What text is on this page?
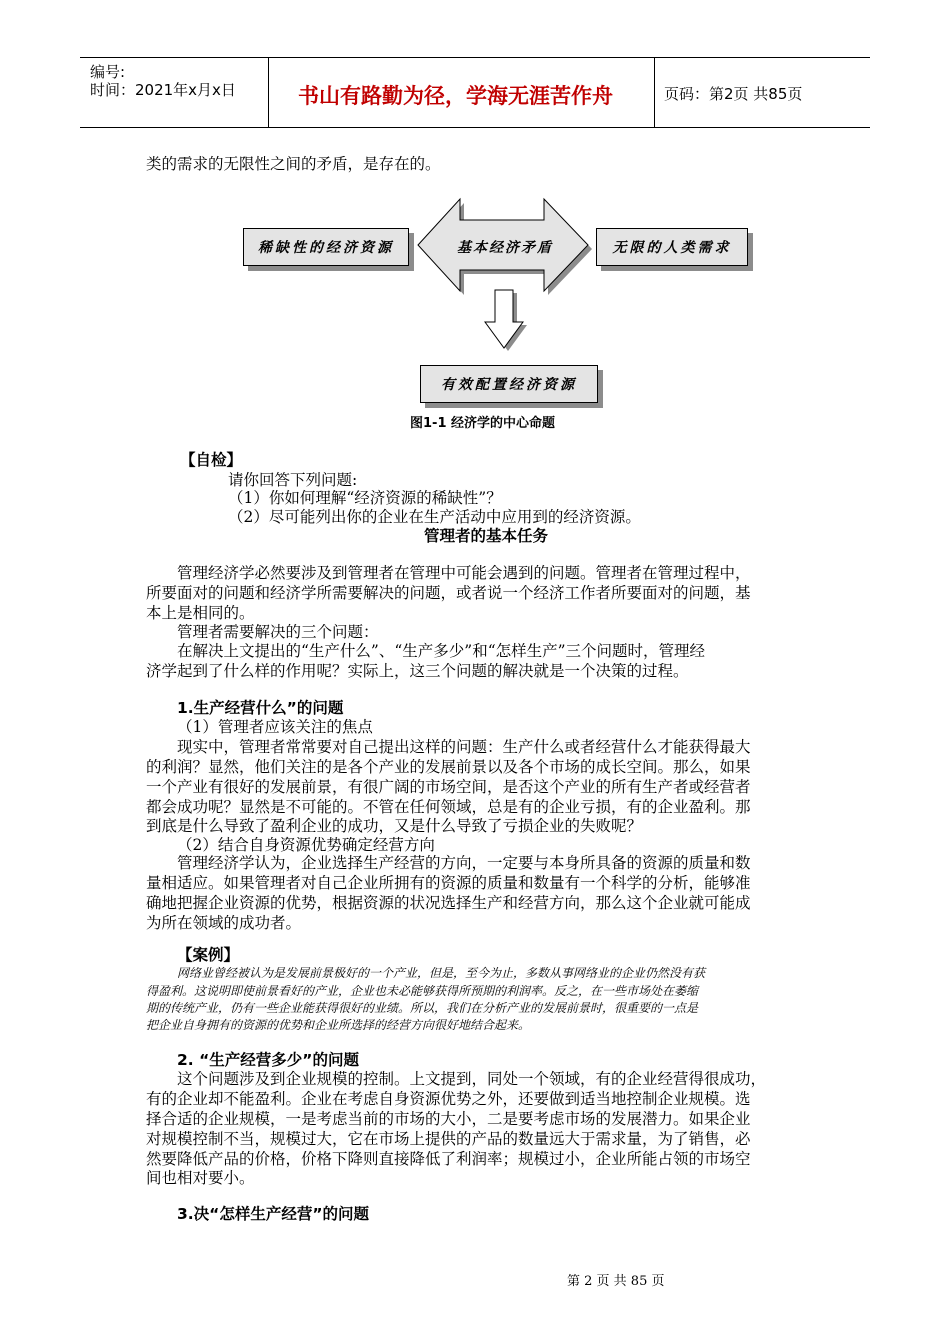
编号:
时间：2021年x月x日	书山有路勤为径，学海无涯苦作舟	页码：第2页 共85页
类的需求的无限性之间的矛盾，是存在的。
稀缺性的经济资源	无限的人类需求
有效配置经济资源
基本经济矛盾
图1-1 经济学的中心命题
【自检】
请你回答下列问题:
（1）你如何理解“经济资源的稀缺性”？
（2）尽可能列出你的企业在生产活动中应用到的经济资源。
管理者的基本任务
管理经济学必然要涉及到管理者在管理中可能会遇到的问题。管理者在管理过程中，
所要面对的问题和经济学所需要解决的问题，或者说一个经济工作者所要面对的问题，基
本上是相同的。
管理者需要解决的三个问题：
在解决上文提出的“生产什么”、“生产多少”和“怎样生产”三个问题时，管理经
济学起到了什么样的作用呢？实际上，这三个问题的解决就是一个决策的过程。
1.生产经营什么”的问题
（1）管理者应该关注的焦点
现实中，管理者常常要对自己提出这样的问题：生产什么或者经营什么才能获得最大
的利润？显然，他们关注的是各个产业的发展前景以及各个市场的成长空间。那么，如果
一个产业有很好的发展前景，有很广阔的市场空间，是否这个产业的所有生产者或经营者
都会成功呢？显然是不可能的。不管在任何领域，总是有的企业亏损，有的企业盈利。那
到底是什么导致了盈利企业的成功，又是什么导致了亏损企业的失败呢？
（2）结合自身资源优势确定经营方向
管理经济学认为，企业选择生产经营的方向，一定要与本身所具备的资源的质量和数
量相适应。如果管理者对自己企业所拥有的资源的质量和数量有一个科学的分析，能够准
确地把握企业资源的优势，根据资源的状况选择生产和经营方向，那么这个企业就可能成
为所在领域的成功者。
【案例】
网络业曾经被认为是发展前景极好的一个产业，但是，至今为止，多数从事网络业的企业仍然没有获
得盈利。这说明即使前景看好的产业，企业也未必能够获得所预期的利润率。反之，在一些市场处在萎缩
期的传统产业，仍有一些企业能获得很好的业绩。所以，我们在分析产业的发展前景时，很重要的一点是
把企业自身拥有的资源的优势和企业所选择的经营方向很好地结合起来。
2. “生产经营多少”的问题
这个问题涉及到企业规模的控制。上文提到，同处一个领域，有的企业经营得很成功，
有的企业却不能盈利。企业在考虑自身资源优势之外，还要做到适当地控制企业规模。选
择合适的企业规模，一是考虑当前的市场的大小，二是要考虑市场的发展潜力。如果企业
对规模控制不当，规模过大，它在市场上提供的产品的数量远大于需求量，为了销售，必
然要降低产品的价格，价格下降则直接降低了利润率；规模过小，企业所能占领的市场空
间也相对要小。
3.决“怎样生产经营”的问题
第 2 页 共 85 页
